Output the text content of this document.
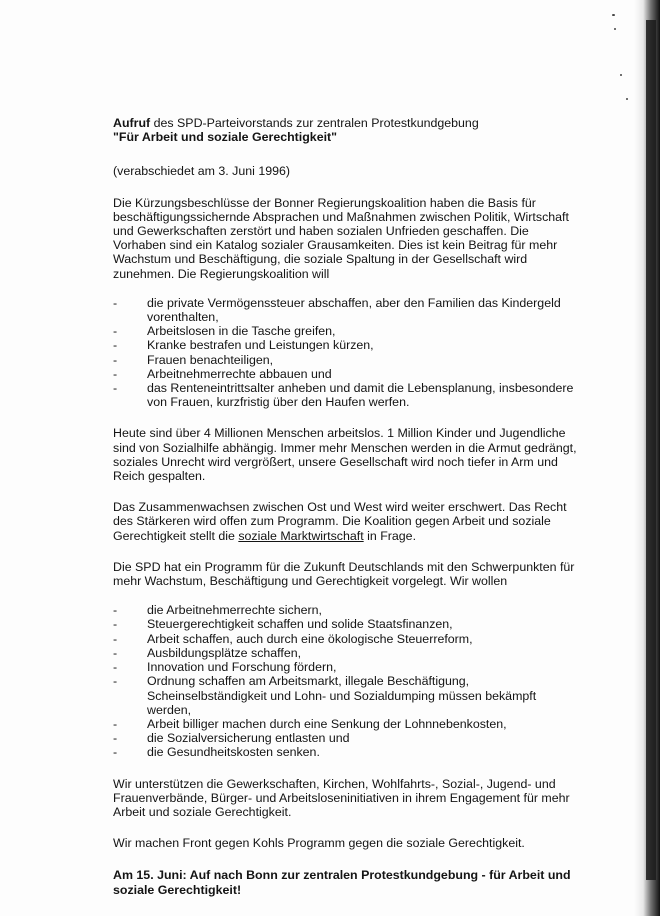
Aufruf des SPD-Parteivorstands zur zentralen Protestkundgebung

"Für Arbeit und soziale Gerechtigkeit"

(verabschiedet am 3. Juni 1996)

Die Kürzungsbeschlüsse der Bonner Regierungskoalition haben die Basis für beschäftigungssichernde Absprachen und Maßnahmen zwischen Politik, Wirtschaft und Gewerkschaften zerstört und haben sozialen Unfrieden geschaffen. Die Vorhaben sind ein Katalog sozialer Grausamkeiten. Dies ist kein Beitrag für mehr Wachstum und Beschäftigung, die soziale Spaltung in der Gesellschaft wird zunehmen. Die Regierungskoalition will

-	die private Vermögenssteuer abschaffen, aber den Familien das Kindergeld vorenthalten,
-	Arbeitslosen in die Tasche greifen,
-	Kranke bestrafen und Leistungen kürzen,
-	Frauen benachteiligen,
-	Arbeitnehmerrechte abbauen und
-	das Renteneintrittsalter anheben und damit die Lebensplanung, insbesondere von Frauen, kurzfristig über den Haufen werfen.

Heute sind über 4 Millionen Menschen arbeitslos. 1 Million Kinder und Jugendliche sind von Sozialhilfe abhängig. Immer mehr Menschen werden in die Armut gedrängt, soziales Unrecht wird vergrößert, unsere Gesellschaft wird noch tiefer in Arm und Reich gespalten.

Das Zusammenwachsen zwischen Ost und West wird weiter erschwert. Das Recht des Stärkeren wird offen zum Programm. Die Koalition gegen Arbeit und soziale Gerechtigkeit stellt die soziale Marktwirtschaft in Frage.

Die SPD hat ein Programm für die Zukunft Deutschlands mit den Schwerpunkten für mehr Wachstum, Beschäftigung und Gerechtigkeit vorgelegt. Wir wollen

-	die Arbeitnehmerrechte sichern,
-	Steuergerechtigkeit schaffen und solide Staatsfinanzen,
-	Arbeit schaffen, auch durch eine ökologische Steuerreform,
-	Ausbildungsplätze schaffen,
-	Innovation und Forschung fördern,
-	Ordnung schaffen am Arbeitsmarkt, illegale Beschäftigung, Scheinselbständigkeit und Lohn- und Sozialdumping müssen bekämpft werden,
-	Arbeit billiger machen durch eine Senkung der Lohnnebenkosten,
-	die Sozialversicherung entlasten und
-	die Gesundheitskosten senken.

Wir unterstützen die Gewerkschaften, Kirchen, Wohlfahrts-, Sozial-, Jugend- und Frauenverbände, Bürger- und Arbeitsloseninitiativen in ihrem Engagement für mehr Arbeit und soziale Gerechtigkeit.

Wir machen Front gegen Kohls Programm gegen die soziale Gerechtigkeit.

Am 15. Juni: Auf nach Bonn zur zentralen Protestkundgebung - für Arbeit und soziale Gerechtigkeit!
